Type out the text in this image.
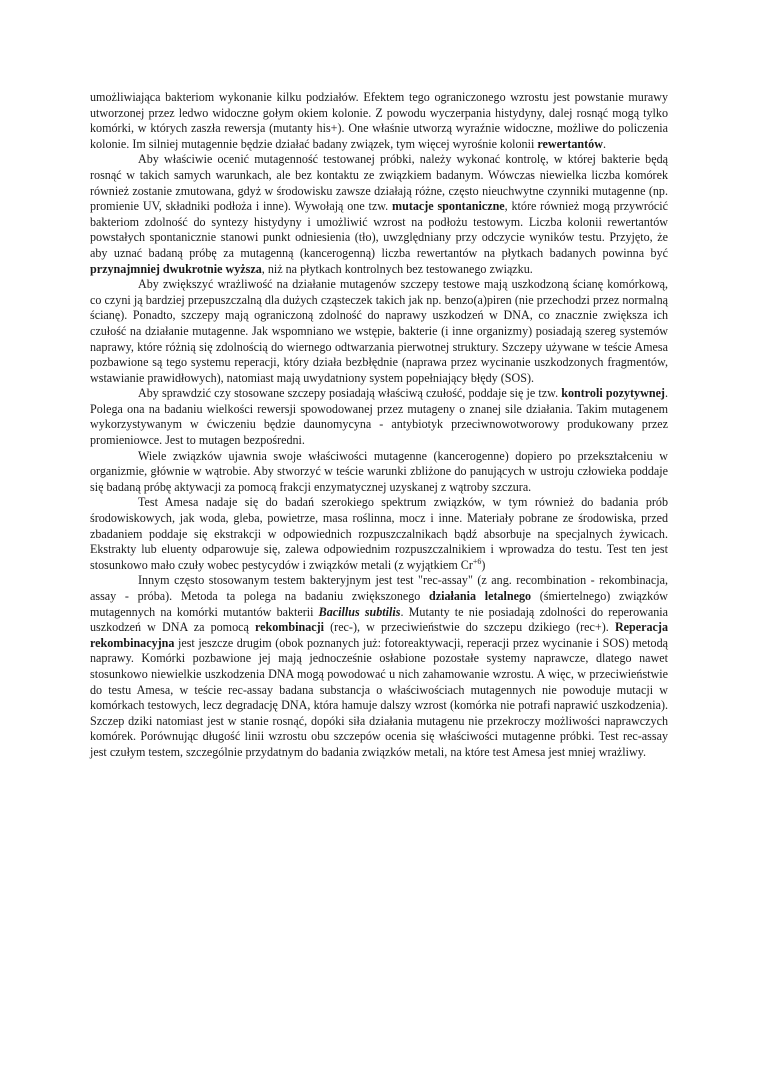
umożliwiająca bakteriom wykonanie kilku podziałów. Efektem tego ograniczonego wzrostu jest powstanie murawy utworzonej przez ledwo widoczne gołym okiem kolonie. Z powodu wyczerpania histydyny, dalej rosnąć mogą tylko komórki, w których zaszła rewersja (mutanty his+). One właśnie utworzą wyraźnie widoczne, możliwe do policzenia kolonie. Im silniej mutagennie będzie działać badany związek, tym więcej wyrośnie kolonii rewertantów.

Aby właściwie ocenić mutagenność testowanej próbki, należy wykonać kontrolę, w której bakterie będą rosnąć w takich samych warunkach, ale bez kontaktu ze związkiem badanym. Wówczas niewielka liczba komórek również zostanie zmutowana, gdyż w środowisku zawsze działają różne, często nieuchwytne czynniki mutagenne (np. promienie UV, składniki podłoża i inne). Wywołają one tzw. mutacje spontaniczne, które również mogą przywrócić bakteriom zdolność do syntezy histydyny i umożliwić wzrost na podłożu testowym. Liczba kolonii rewertantów powstałych spontanicznie stanowi punkt odniesienia (tło), uwzględniany przy odczycie wyników testu. Przyjęto, że aby uznać badaną próbę za mutagenną (kancerogenną) liczba rewertantów na płytkach badanych powinna być przynajmniej dwukrotnie wyższa, niż na płytkach kontrolnych bez testowanego związku.

Aby zwiększyć wrażliwość na działanie mutagenów szczepy testowe mają uszkodzoną ścianę komórkową, co czyni ją bardziej przepuszczalną dla dużych cząsteczek takich jak np. benzo(a)piren (nie przechodzi przez normalną ścianę). Ponadto, szczepy mają ograniczoną zdolność do naprawy uszkodzeń w DNA, co znacznie zwiększa ich czułość na działanie mutagenne. Jak wspomniano we wstępie, bakterie (i inne organizmy) posiadają szereg systemów naprawy, które różnią się zdolnością do wiernego odtwarzania pierwotnej struktury. Szczepy używane w teście Amesa pozbawione są tego systemu reperacji, który działa bezbłędnie (naprawa przez wycinanie uszkodzonych fragmentów, wstawianie prawidłowych), natomiast mają uwydatniony system popełniający błędy (SOS).

Aby sprawdzić czy stosowane szczepy posiadają właściwą czułość, poddaje się je tzw. kontroli pozytywnej. Polega ona na badaniu wielkości rewersji spowodowanej przez mutageny o znanej sile działania. Takim mutagenem wykorzystywanym w ćwiczeniu będzie daunomycyna - antybiotyk przeciwnowotworowy produkowany przez promieniowce. Jest to mutagen bezpośredni.

Wiele związków ujawnia swoje właściwości mutagenne (kancerogenne) dopiero po przekształceniu w organizmie, głównie w wątrobie. Aby stworzyć w teście warunki zbliżone do panujących w ustroju człowieka poddaje się badaną próbę aktywacji za pomocą frakcji enzymatycznej uzyskanej z wątroby szczura.

Test Amesa nadaje się do badań szerokiego spektrum związków, w tym również do badania prób środowiskowych, jak woda, gleba, powietrze, masa roślinna, mocz i inne. Materiały pobrane ze środowiska, przed zbadaniem poddaje się ekstrakcji w odpowiednich rozpuszczalnikach bądź absorbuje na specjalnych żywicach. Ekstrakty lub eluenty odparowuje się, zalewa odpowiednim rozpuszczalnikiem i wprowadza do testu. Test ten jest stosunkowo mało czuły wobec pestycydów i związków metali (z wyjątkiem $Cr^{+6}$)

Innym często stosowanym testem bakteryjnym jest test "rec-assay" (z ang. recombination - rekombinacja, assay - próba). Metoda ta polega na badaniu zwiększonego działania letalnego (śmiertelnego) związków mutagennych na komórki mutantów bakterii Bacillus subtilis. Mutanty te nie posiadają zdolności do reperowania uszkodzeń w DNA za pomocą rekombinacji (rec-), w przeciwieństwie do szczepu dzikiego (rec+). Reperacja rekombinacyjna jest jeszcze drugim (obok poznanych już: fotoreaktywacji, reperacji przez wycinanie i SOS) metodą naprawy. Komórki pozbawione jej mają jednocześnie osłabione pozostałe systemy naprawcze, dlatego nawet stosunkowo niewielkie uszkodzenia DNA mogą powodować u nich zahamowanie wzrostu. A więc, w przeciwieństwie do testu Amesa, w teście rec-assay badana substancja o właściwościach mutagennych nie powoduje mutacji w komórkach testowych, lecz degradację DNA, która hamuje dalszy wzrost (komórka nie potrafi naprawić uszkodzenia). Szczep dziki natomiast jest w stanie rosnąć, dopóki siła działania mutagenu nie przekroczy możliwości naprawczych komórek. Porównując długość linii wzrostu obu szczepów ocenia się właściwości mutagenne próbki. Test rec-assay jest czułym testem, szczególnie przydatnym do badania związków metali, na które test Amesa jest mniej wrażliwy.
